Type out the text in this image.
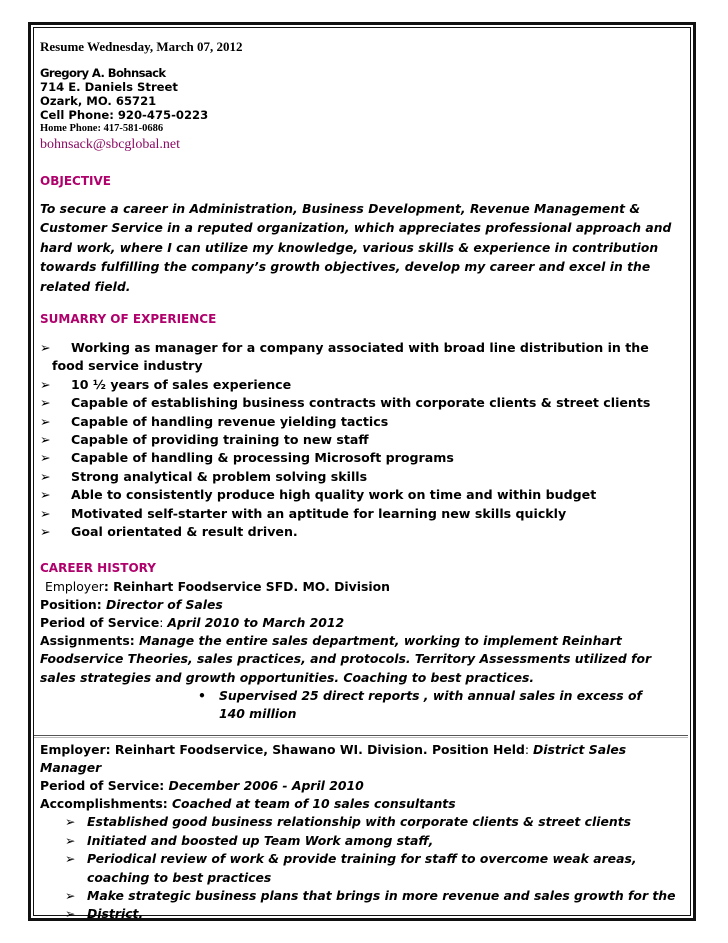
Resume Wednesday, March 07, 2012
Gregory A. Bohnsack
714 E. Daniels Street
Ozark, MO. 65721
Cell Phone: 920-475-0223
Home Phone: 417-581-0686
bohnsack@sbcglobal.net
OBJECTIVE
To secure a career in Administration, Business Development, Revenue Management & Customer Service in a reputed organization, which appreciates professional approach and hard work, where I can utilize my knowledge, various skills & experience in contribution towards fulfilling the company’s growth objectives, develop my career and excel in the related field.
SUMARRY OF EXPERIENCE
➢ Working as manager for a company associated with broad line distribution in the
food service industry
➢ 10 ½ years of sales experience
➢ Capable of establishing business contracts with corporate clients & street clients
➢ Capable of handling revenue yielding tactics
➢ Capable of providing training to new staff
➢ Capable of handling & processing Microsoft programs
➢ Strong analytical & problem solving skills
➢ Able to consistently produce high quality work on time and within budget
➢ Motivated self-starter with an aptitude for learning new skills quickly
➢ Goal orientated & result driven.
CAREER HISTORY
Employer: Reinhart Foodservice SFD. MO. Division
Position: Director of Sales
Period of Service: April 2010 to March 2012
Assignments: Manage the entire sales department, working to implement Reinhart Foodservice Theories, sales practices, and protocols. Territory Assessments utilized for sales strategies and growth opportunities. Coaching to best practices.
• Supervised 25 direct reports , with annual sales in excess of 140 million
Employer: Reinhart Foodservice, Shawano WI. Division. Position Held: District Sales Manager
Period of Service: December 2006 - April 2010
Accomplishments: Coached at team of 10 sales consultants
➢ Established good business relationship with corporate clients & street clients
➢ Initiated and boosted up Team Work among staff,
➢ Periodical review of work & provide training for staff to overcome weak areas, coaching to best practices
➢ Make strategic business plans that brings in more revenue and sales growth for the
➢ District.
